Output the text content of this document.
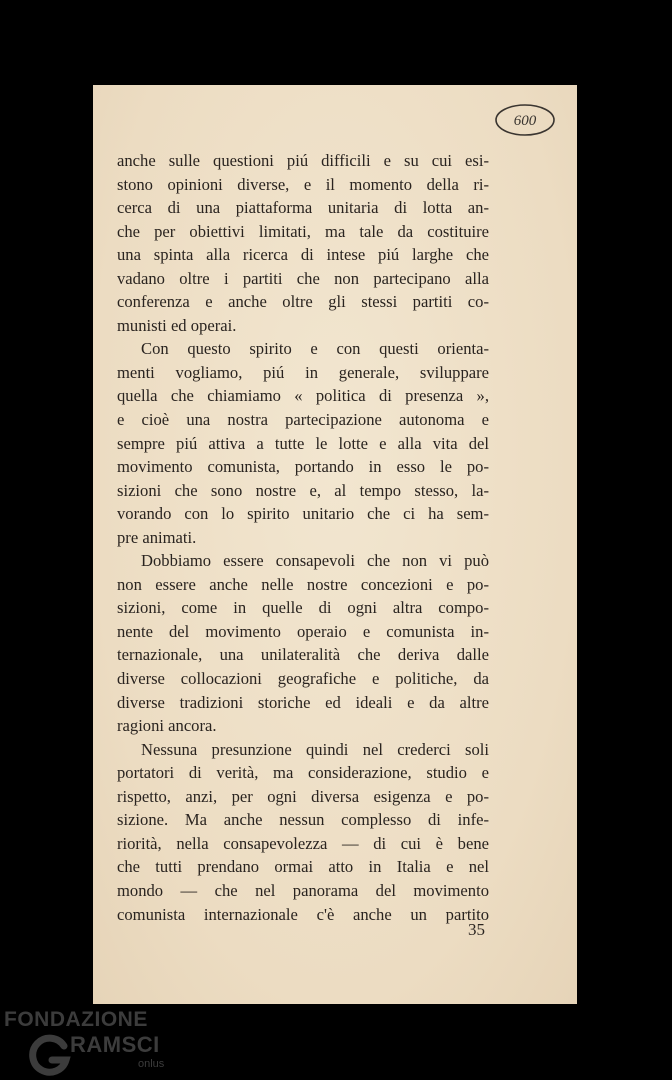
600
anche sulle questioni piú difficili e su cui esi-
stono opinioni diverse, e il momento della ri-
cerca di una piattaforma unitaria di lotta an-
che per obiettivi limitati, ma tale da costituire
una spinta alla ricerca di intese piú larghe che
vadano oltre i partiti che non partecipano alla
conferenza e anche oltre gli stessi partiti co-
munisti ed operai.
Con questo spirito e con questi orienta-
menti vogliamo, piú in generale, sviluppare
quella che chiamiamo « politica di presenza »,
e cioè una nostra partecipazione autonoma e
sempre piú attiva a tutte le lotte e alla vita del
movimento comunista, portando in esso le po-
sizioni che sono nostre e, al tempo stesso, la-
vorando con lo spirito unitario che ci ha sem-
pre animati.
Dobbiamo essere consapevoli che non vi può
non essere anche nelle nostre concezioni e po-
sizioni, come in quelle di ogni altra compo-
nente del movimento operaio e comunista in-
ternazionale, una unilateralità che deriva dalle
diverse collocazioni geografiche e politiche, da
diverse tradizioni storiche ed ideali e da altre
ragioni ancora.
Nessuna presunzione quindi nel crederci soli
portatori di verità, ma considerazione, studio e
rispetto, anzi, per ogni diversa esigenza e po-
sizione. Ma anche nessun complesso di infe-
riorità, nella consapevolezza — di cui è bene
che tutti prendano ormai atto in Italia e nel
mondo — che nel panorama del movimento
comunista internazionale c'è anche un partito
35
FONDAZIONE
RAMSCI
onlus
